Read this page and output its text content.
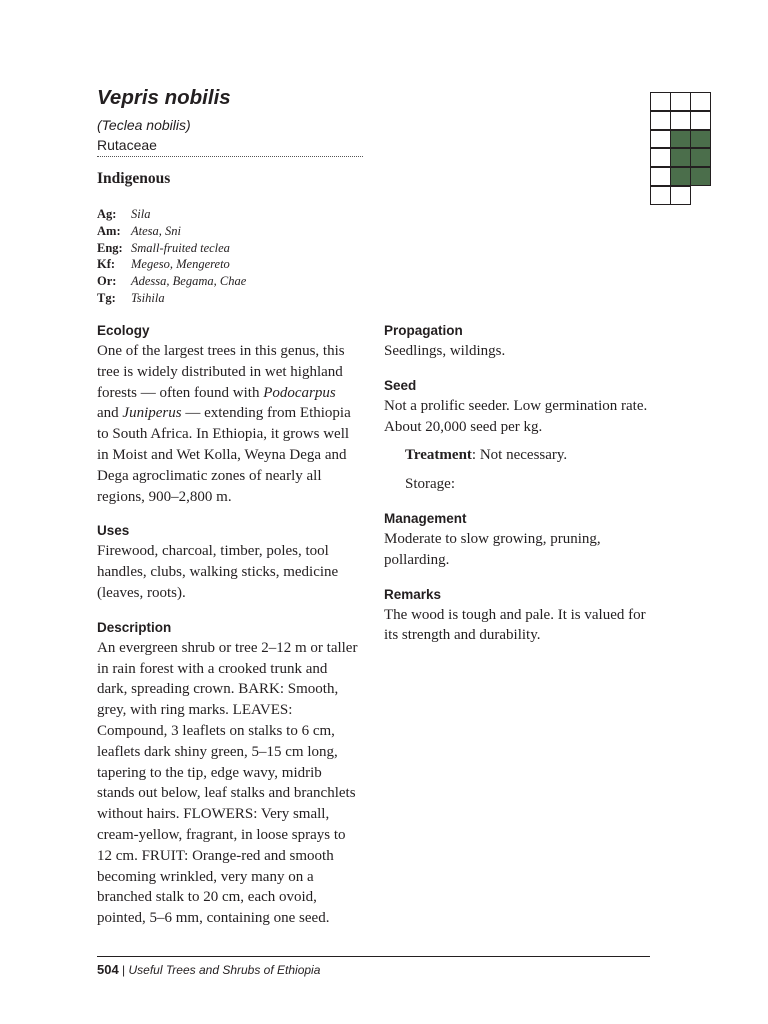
Vepris nobilis
(Teclea nobilis)
Rutaceae
Indigenous
Ag:	Sila
Am: Atesa, Sni
Eng: Small-fruited teclea
Kf:	Megeso, Mengereto
Or:	Adessa, Begama, Chae
Tg:	Tsihila
Ecology

One of the largest trees in this genus, this tree is widely distributed in wet highland forests — often found with Podocarpus and Juniperus — extending from Ethiopia to South Africa. In Ethiopia, it grows well in Moist and Wet Kolla, Weyna Dega and Dega agroclimatic zones of nearly all regions, 900–2,800 m.

Uses

Firewood, charcoal, timber, poles, tool handles, clubs, walking sticks, medicine (leaves, roots).

Description

An evergreen shrub or tree 2–12 m or taller in rain forest with a crooked trunk and dark, spreading crown. BARK: Smooth, grey, with ring marks. LEAVES: Compound, 3 leaflets on stalks to 6 cm, leaflets dark shiny green, 5–15 cm long, tapering to the tip, edge wavy, midrib stands out below, leaf stalks and branchlets without hairs. FLOWERS: Very small, cream-yellow, fragrant, in loose sprays to 12 cm. FRUIT: Orange-red and smooth becoming wrinkled, very many on a branched stalk to 20 cm, each ovoid, pointed, 5–6 mm, containing one seed.

Propagation

Seedlings, wildings.

Seed

Not a prolific seeder. Low germination rate. About 20,000 seed per kg.

Treatment: Not necessary.

Storage:

Management

Moderate to slow growing, pruning, pollarding.

Remarks

The wood is tough and pale. It is valued for its strength and durability.

504 | Useful Trees and Shrubs of Ethiopia
